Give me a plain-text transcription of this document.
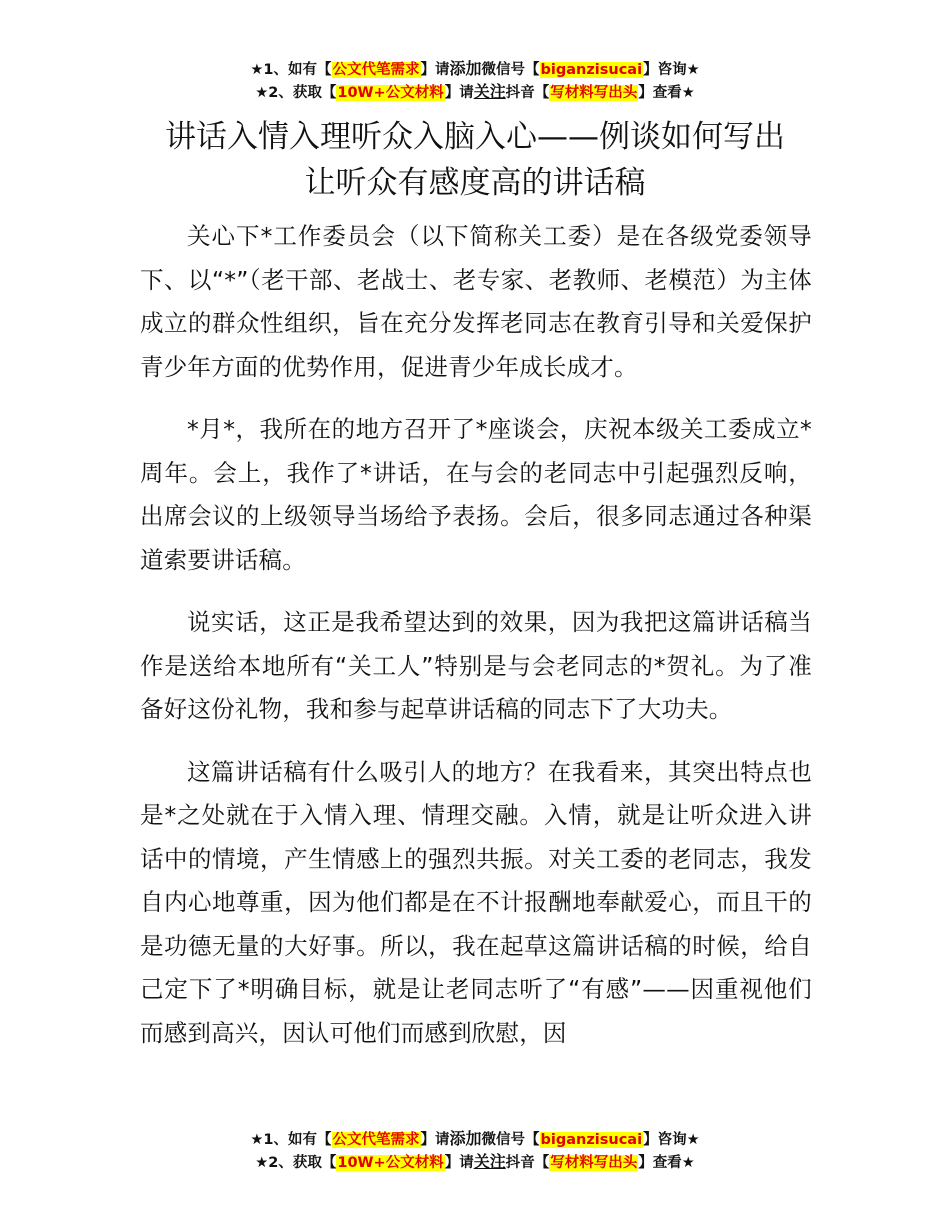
★1、如有【公文代笔需求】请添加微信号【biganzisucai】咨询★
★2、获取【10W+公文材料】请关注抖音【写材料写出头】查看★
讲话入情入理听众入脑入心——例谈如何写出
让听众有感度高的讲话稿

关心下*工作委员会（以下简称关工委）是在各级党委领导下、以“*”（老干部、老战士、老专家、老教师、老模范）为主体成立的群众性组织，旨在充分发挥老同志在教育引导和关爱保护青少年方面的优势作用，促进青少年成长成才。

*月*，我所在的地方召开了*座谈会，庆祝本级关工委成立*周年。会上，我作了*讲话，在与会的老同志中引起强烈反响，出席会议的上级领导当场给予表扬。会后，很多同志通过各种渠道索要讲话稿。

说实话，这正是我希望达到的效果，因为我把这篇讲话稿当作是送给本地所有“关工人”特别是与会老同志的*贺礼。为了准备好这份礼物，我和参与起草讲话稿的同志下了大功夫。

这篇讲话稿有什么吸引人的地方？在我看来，其突出特点也是*之处就在于入情入理、情理交融。入情，就是让听众进入讲话中的情境，产生情感上的强烈共振。对关工委的老同志，我发自内心地尊重，因为他们都是在不计报酬地奉献爱心，而且干的是功德无量的大好事。所以，我在起草这篇讲话稿的时候，给自己定下了*明确目标，就是让老同志听了“有感”——因重视他们而感到高兴，因认可他们而感到欣慰，因

★1、如有【公文代笔需求】请添加微信号【biganzisucai】咨询★
★2、获取【10W+公文材料】请关注抖音【写材料写出头】查看★
